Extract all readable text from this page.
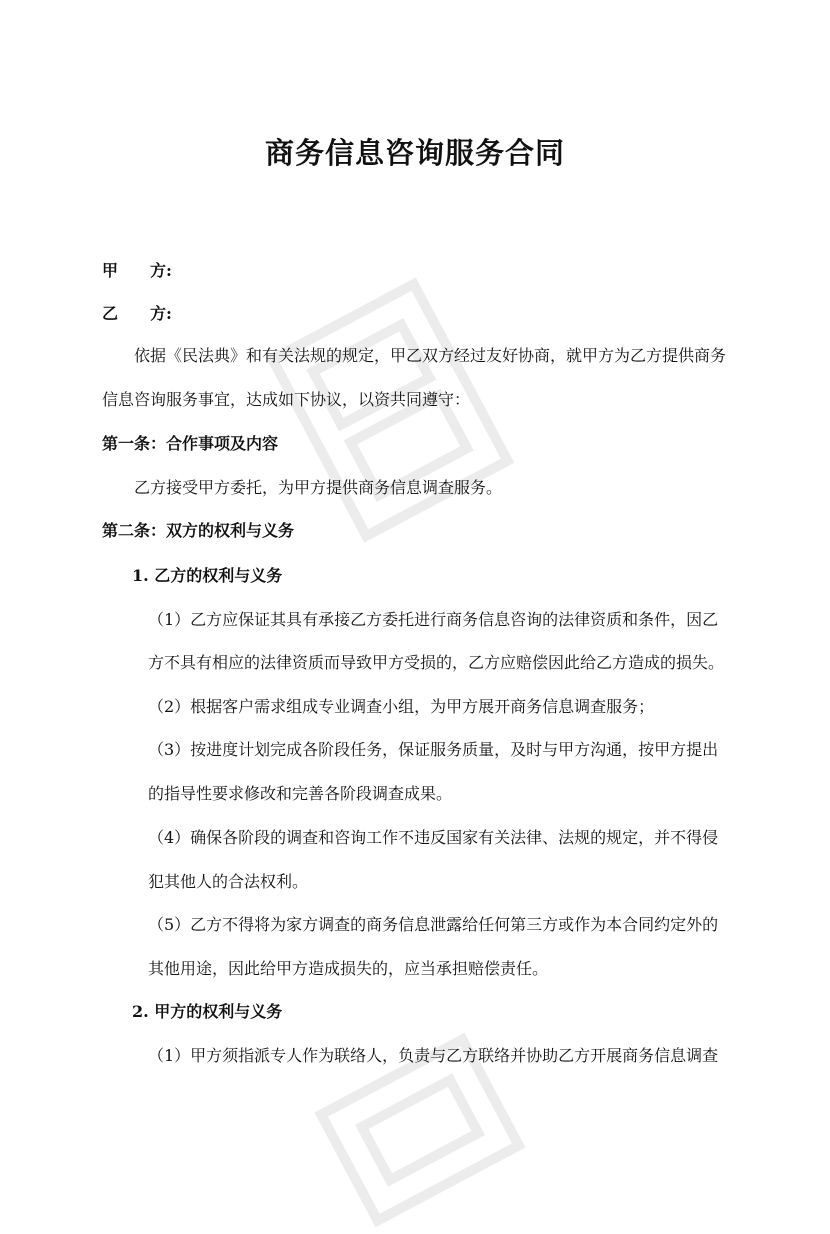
商务信息咨询服务合同
甲　　方:
乙　　方:
依据《民法典》和有关法规的规定，甲乙双方经过友好协商，就甲方为乙方提供商务
信息咨询服务事宜，达成如下协议，以资共同遵守：
第一条：合作事项及内容
乙方接受甲方委托，为甲方提供商务信息调查服务。
第二条：双方的权利与义务
1. 乙方的权利与义务
（1）乙方应保证其具有承接乙方委托进行商务信息咨询的法律资质和条件，因乙
方不具有相应的法律资质而导致甲方受损的，乙方应赔偿因此给乙方造成的损失。
（2）根据客户需求组成专业调查小组，为甲方展开商务信息调查服务；
（3）按进度计划完成各阶段任务，保证服务质量，及时与甲方沟通，按甲方提出
的指导性要求修改和完善各阶段调查成果。
（4）确保各阶段的调查和咨询工作不违反国家有关法律、法规的规定，并不得侵
犯其他人的合法权利。
（5）乙方不得将为家方调查的商务信息泄露给任何第三方或作为本合同约定外的
其他用途，因此给甲方造成损失的，应当承担赔偿责任。
2. 甲方的权利与义务
（1）甲方须指派专人作为联络人，负责与乙方联络并协助乙方开展商务信息调查
